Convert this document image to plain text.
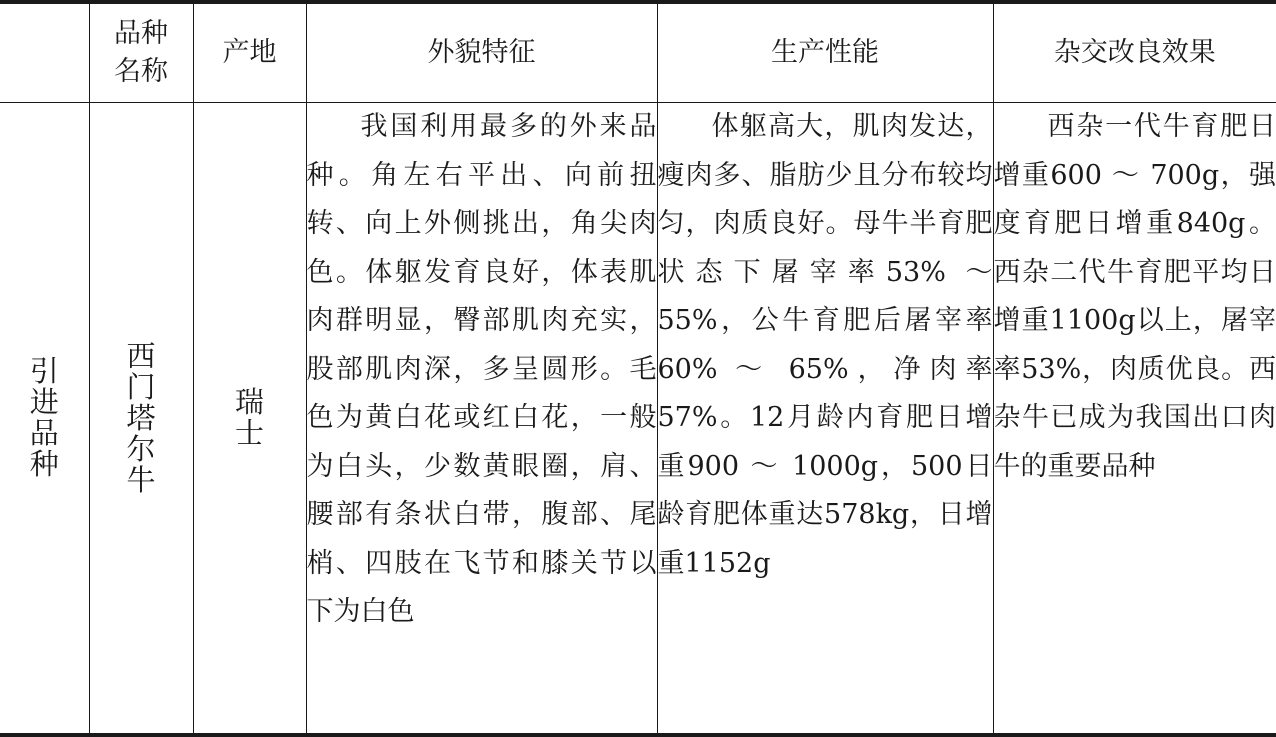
	品种名称	产地	外貌特征	生产性能	杂交改良效果
引进品种	西门塔尔牛	瑞士	我国利用最多的外来品种。角左右平出、向前扭转、向上外侧挑出，角尖肉色。体躯发育良好，体表肌肉群明显，臀部肌肉充实，股部肌肉深，多呈圆形。毛色为黄白花或红白花，一般为白头，少数黄眼圈，肩、腰部有条状白带，腹部、尾梢、四肢在飞节和膝关节以下为白色	体躯高大，肌肉发达，瘦肉多、脂肪少且分布较均匀，肉质良好。母牛半育肥状态下屠宰率53% ～ 55%，公牛育肥后屠宰率60% ～ 65%，净肉率57%。12月龄内育肥日增重900 ～ 1000g，500日龄育肥体重达578kg，日增重1152g	西杂一代牛育肥日增重600 ～ 700g，强度育肥日增重840g。西杂二代牛育肥平均日增重1100g以上，屠宰率53%，肉质优良。西杂牛已成为我国出口肉牛的重要品种
